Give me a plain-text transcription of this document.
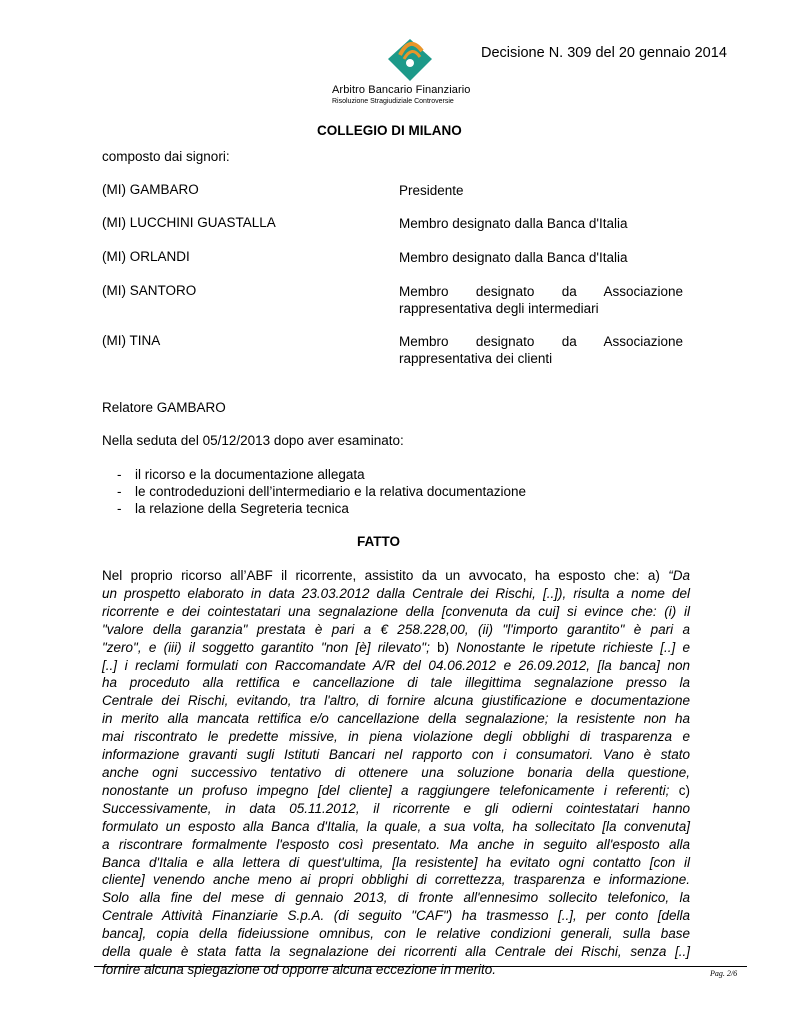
Arbitro Bancario Finanziario
Risoluzione Stragiudiziale Controversie
Decisione N. 309 del 20 gennaio 2014
COLLEGIO DI MILANO
composto dai signori:
(MI) GAMBARO	Presidente
(MI) LUCCHINI GUASTALLA	Membro designato dalla Banca d'Italia
(MI) ORLANDI	Membro designato dalla Banca d'Italia
(MI) SANTORO	Membro designato da Associazione
rappresentativa degli intermediari
(MI) TINA	Membro designato da Associazione
rappresentativa dei clienti
Relatore GAMBARO
Nella seduta del 05/12/2013 dopo aver esaminato:
- il ricorso e la documentazione allegata
- le controdeduzioni dell’intermediario e la relativa documentazione
- la relazione della Segreteria tecnica
FATTO
Nel proprio ricorso all’ABF il ricorrente, assistito da un avvocato, ha esposto che: a) “Da
un prospetto elaborato in data 23.03.2012 dalla Centrale dei Rischi, [..]), risulta a nome del
ricorrente e dei cointestatari una segnalazione della [convenuta da cui] si evince che: (i) il
"valore della garanzia" prestata è pari a € 258.228,00, (ii) "l'importo garantito" è pari a
"zero", e (iii) il soggetto garantito "non [è] rilevato"; b) Nonostante le ripetute richieste [..] e
[..] i reclami formulati con Raccomandate A/R del 04.06.2012 e 26.09.2012, [la banca] non
ha proceduto alla rettifica e cancellazione di tale illegittima segnalazione presso la
Centrale dei Rischi, evitando, tra l'altro, di fornire alcuna giustificazione e documentazione
in merito alla mancata rettifica e/o cancellazione della segnalazione; la resistente non ha
mai riscontrato le predette missive, in piena violazione degli obblighi di trasparenza e
informazione gravanti sugli Istituti Bancari nel rapporto con i consumatori. Vano è stato
anche ogni successivo tentativo di ottenere una soluzione bonaria della questione,
nonostante un profuso impegno [del cliente] a raggiungere telefonicamente i referenti; c)
Successivamente, in data 05.11.2012, il ricorrente e gli odierni cointestatari hanno
formulato un esposto alla Banca d'Italia, la quale, a sua volta, ha sollecitato [la convenuta]
a riscontrare formalmente l'esposto così presentato. Ma anche in seguito all'esposto alla
Banca d'Italia e alla lettera di quest'ultima, [la resistente] ha evitato ogni contatto [con il
cliente] venendo anche meno ai propri obblighi di correttezza, trasparenza e informazione.
Solo alla fine del mese di gennaio 2013, di fronte all'ennesimo sollecito telefonico, la
Centrale Attività Finanziarie S.p.A. (di seguito "CAF") ha trasmesso [..], per conto [della
banca], copia della fideiussione omnibus, con le relative condizioni generali, sulla base
della quale è stata fatta la segnalazione dei ricorrenti alla Centrale dei Rischi, senza [..]
fornire alcuna spiegazione od opporre alcuna eccezione in merito.	Pag. 2/6
